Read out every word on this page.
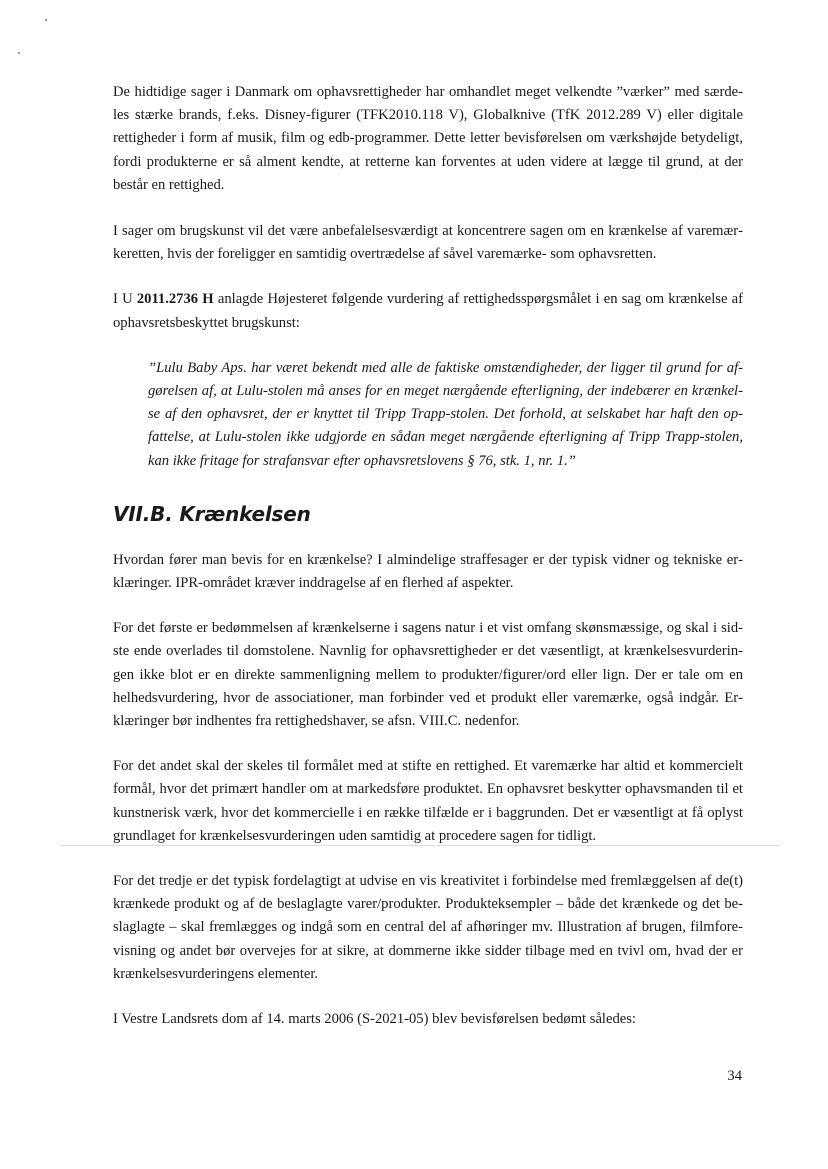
De hidtidige sager i Danmark om ophavsrettigheder har omhandlet meget velkendte ”værker” med særdeles stærke brands, f.eks. Disney-figurer (TFK2010.118 V), Globalknive (TfK 2012.289 V) eller digitale rettigheder i form af musik, film og edb-programmer. Dette letter bevisførelsen om værkshøjde betydeligt, fordi produkterne er så alment kendte, at retterne kan forventes at uden videre at lægge til grund, at der består en rettighed.

I sager om brugskunst vil det være anbefalelsesværdigt at koncentrere sagen om en krænkelse af varemærkeretten, hvis der foreligger en samtidig overtrædelse af såvel varemærke- som ophavsretten.

I U 2011.2736 H anlagde Højesteret følgende vurdering af rettighedsspørgsmålet i en sag om krænkelse af ophavsretsbeskyttet brugskunst:

”Lulu Baby Aps. har været bekendt med alle de faktiske omstændigheder, der ligger til grund for afgørelsen af, at Lulu-stolen må anses for en meget nærgående efterligning, der indebærer en krænkelse af den ophavsret, der er knyttet til Tripp Trapp-stolen. Det forhold, at selskabet har haft den opfattelse, at Lulu-stolen ikke udgjorde en sådan meget nærgående efterligning af Tripp Trapp-stolen, kan ikke fritage for strafansvar efter ophavsretslovens § 76, stk. 1, nr. 1.”

VII.B. Krænkelsen

Hvordan fører man bevis for en krænkelse? I almindelige straffesager er der typisk vidner og tekniske erklæringer. IPR-området kræver inddragelse af en flerhed af aspekter.

For det første er bedømmelsen af krænkelserne i sagens natur i et vist omfang skønsmæssige, og skal i sidste ende overlades til domstolene. Navnlig for ophavsrettigheder er det væsentligt, at krænkelsesvurderingen ikke blot er en direkte sammenligning mellem to produkter/figurer/ord eller lign. Der er tale om en helhedsvurdering, hvor de associationer, man forbinder ved et produkt eller varemærke, også indgår. Erklæringer bør indhentes fra rettighedshaver, se afsn. VIII.C. nedenfor.

For det andet skal der skeles til formålet med at stifte en rettighed. Et varemærke har altid et kommercielt formål, hvor det primært handler om at markedsføre produktet. En ophavsret beskytter ophavsmanden til et kunstnerisk værk, hvor det kommercielle i en række tilfælde er i baggrunden. Det er væsentligt at få oplyst grundlaget for krænkelsesvurderingen uden samtidig at procedere sagen for tidligt.

For det tredje er det typisk fordelagtigt at udvise en vis kreativitet i forbindelse med fremlæggelsen af de(t) krænkede produkt og af de beslaglagte varer/produkter. Produkteksempler – både det krænkede og det beslaglagte – skal fremlægges og indgå som en central del af afhøringer mv. Illustration af brugen, filmforevisning og andet bør overvejes for at sikre, at dommerne ikke sidder tilbage med en tvivl om, hvad der er krænkelsesvurderingens elementer.

I Vestre Landsrets dom af 14. marts 2006 (S-2021-05) blev bevisførelsen bedømt således:

34
